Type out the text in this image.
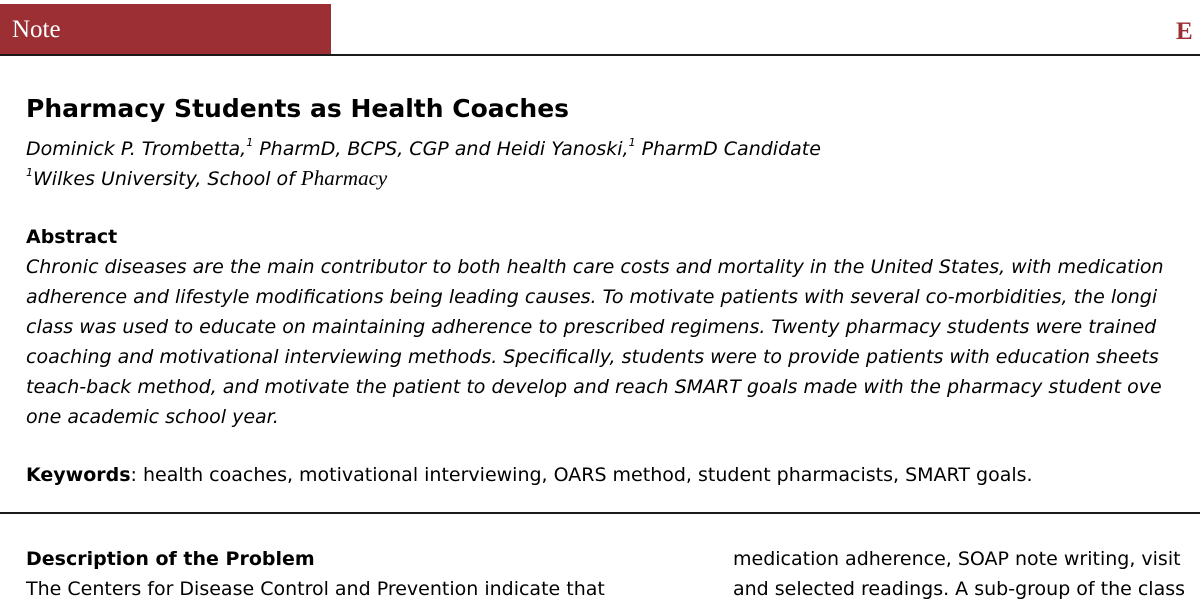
Note	E
Pharmacy Students as Health Coaches
Dominick P. Trombetta,$^1$ PharmD, BCPS, CGP and Heidi Yanoski,$^1$ PharmD Candidate
$^1$Wilkes University, School of Pharmacy
Abstract
Chronic diseases are the main contributor to both health care costs and mortality in the United States, with medication
adherence and lifestyle modifications being leading causes. To motivate patients with several co-morbidities, the longi
class was used to educate on maintaining adherence to prescribed regimens. Twenty pharmacy students were trained
coaching and motivational interviewing methods. Specifically, students were to provide patients with education sheets
teach-back method, and motivate the patient to develop and reach SMART goals made with the pharmacy student ove
one academic school year.
Keywords: health coaches, motivational interviewing, OARS method, student pharmacists, SMART goals.
Description of the Problem
The Centers for Disease Control and Prevention indicate that
medication adherence, SOAP note writing, visit
and selected readings. A sub-group of the class
